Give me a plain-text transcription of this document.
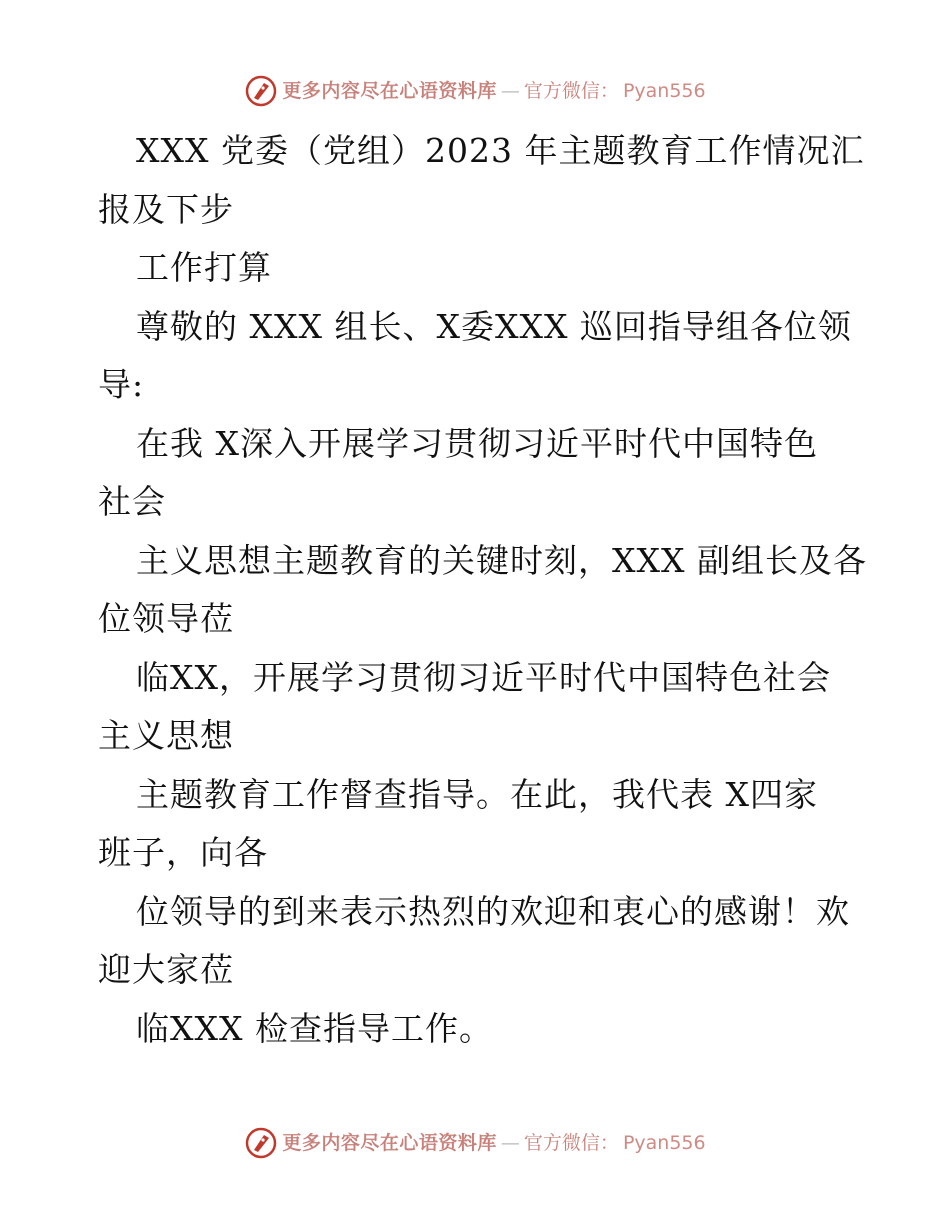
更多内容尽在心语资料库 — 官方微信： Pyan556

XXX 党委（党组）2023 年主题教育工作情况汇

报及下步

工作打算

尊敬的 XXX 组长、X委XXX 巡回指导组各位领

导:

在我 X深入开展学习贯彻习近平时代中国特色

社会

主义思想主题教育的关键时刻，XXX 副组长及各

位领导莅

临XX，开展学习贯彻习近平时代中国特色社会

主义思想

主题教育工作督查指导。在此，我代表 X四家

班子，向各

位领导的到来表示热烈的欢迎和衷心的感谢！欢

迎大家莅

临XXX 检查指导工作。

更多内容尽在心语资料库 — 官方微信： Pyan556
